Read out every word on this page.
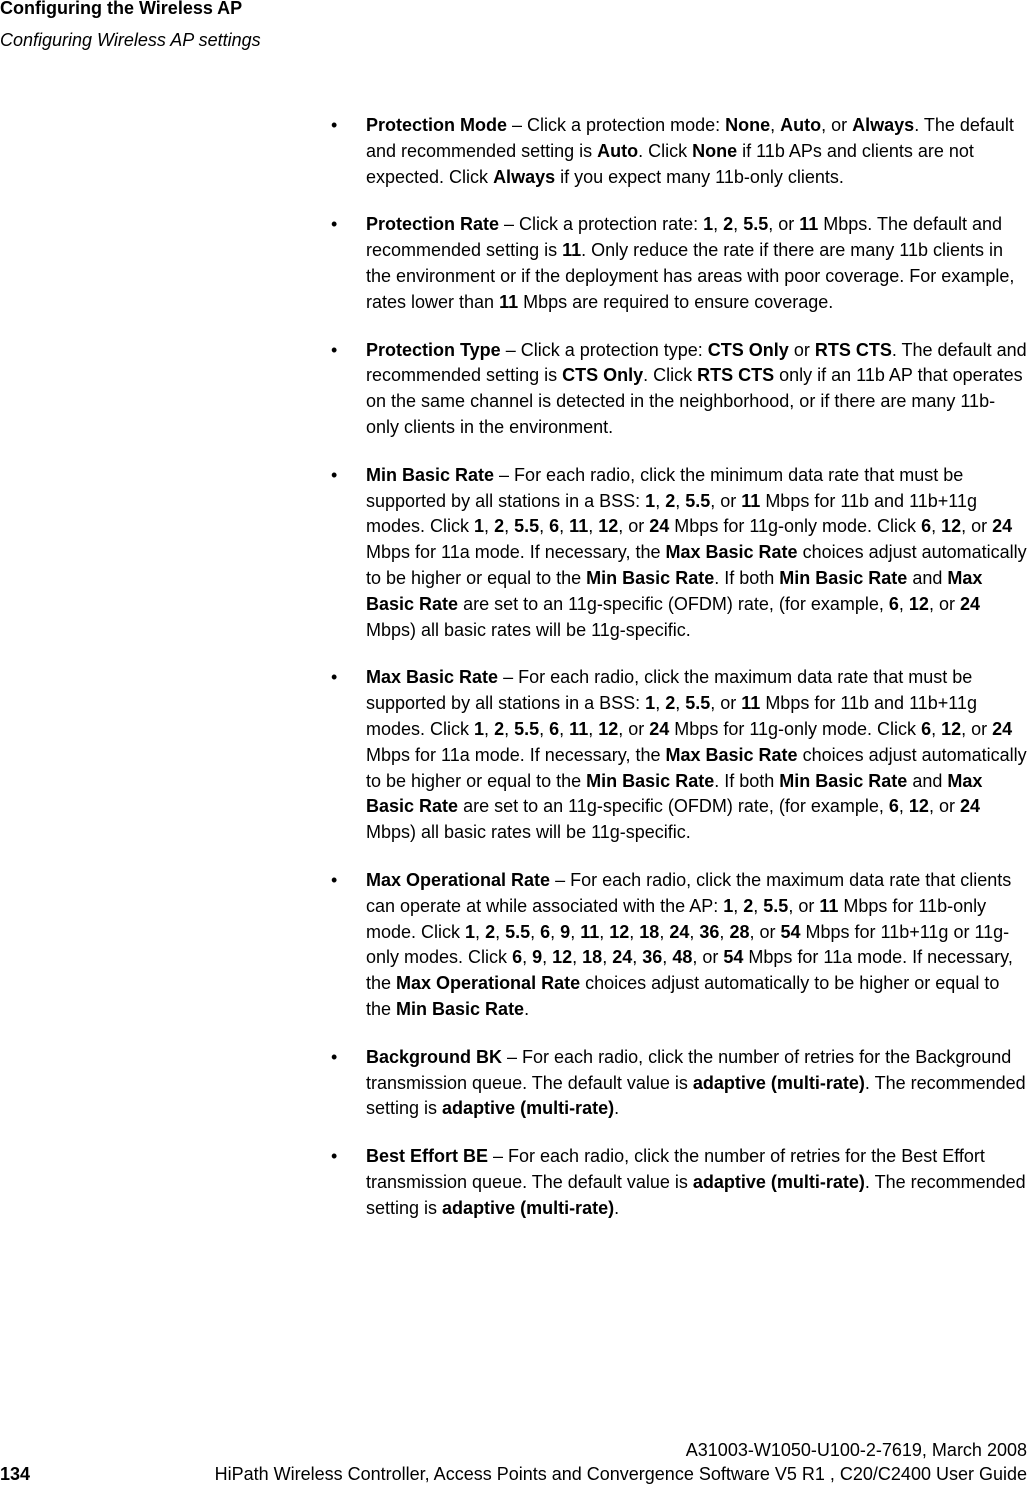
Configuring the Wireless AP
Configuring Wireless AP settings
•	Protection Mode – Click a protection mode: None, Auto, or Always. The default and recommended setting is Auto. Click None if 11b APs and clients are not expected. Click Always if you expect many 11b-only clients.
•	Protection Rate – Click a protection rate: 1, 2, 5.5, or 11 Mbps. The default and recommended setting is 11. Only reduce the rate if there are many 11b clients in the environment or if the deployment has areas with poor coverage. For example, rates lower than 11 Mbps are required to ensure coverage.
•	Protection Type – Click a protection type: CTS Only or RTS CTS. The default and recommended setting is CTS Only. Click RTS CTS only if an 11b AP that operates on the same channel is detected in the neighborhood, or if there are many 11b-only clients in the environment.
•	Min Basic Rate – For each radio, click the minimum data rate that must be supported by all stations in a BSS: 1, 2, 5.5, or 11 Mbps for 11b and 11b+11g modes. Click 1, 2, 5.5, 6, 11, 12, or 24 Mbps for 11g-only mode. Click 6, 12, or 24 Mbps for 11a mode. If necessary, the Max Basic Rate choices adjust automatically to be higher or equal to the Min Basic Rate. If both Min Basic Rate and Max Basic Rate are set to an 11g-specific (OFDM) rate, (for example, 6, 12, or 24 Mbps) all basic rates will be 11g-specific.
•	Max Basic Rate – For each radio, click the maximum data rate that must be supported by all stations in a BSS: 1, 2, 5.5, or 11 Mbps for 11b and 11b+11g modes. Click 1, 2, 5.5, 6, 11, 12, or 24 Mbps for 11g-only mode. Click 6, 12, or 24 Mbps for 11a mode. If necessary, the Max Basic Rate choices adjust automatically to be higher or equal to the Min Basic Rate. If both Min Basic Rate and Max Basic Rate are set to an 11g-specific (OFDM) rate, (for example, 6, 12, or 24 Mbps) all basic rates will be 11g-specific.
•	Max Operational Rate – For each radio, click the maximum data rate that clients can operate at while associated with the AP: 1, 2, 5.5, or 11 Mbps for 11b-only mode. Click 1, 2, 5.5, 6, 9, 11, 12, 18, 24, 36, 28, or 54 Mbps for 11b+11g or 11g-only modes. Click 6, 9, 12, 18, 24, 36, 48, or 54 Mbps for 11a mode. If necessary, the Max Operational Rate choices adjust automatically to be higher or equal to the Min Basic Rate.
•	Background BK – For each radio, click the number of retries for the Background transmission queue. The default value is adaptive (multi-rate). The recommended setting is adaptive (multi-rate).
•	Best Effort BE – For each radio, click the number of retries for the Best Effort transmission queue. The default value is adaptive (multi-rate). The recommended setting is adaptive (multi-rate).
A31003-W1050-U100-2-7619, March 2008
134	HiPath Wireless Controller, Access Points and Convergence Software V5 R1 , C20/C2400 User Guide
